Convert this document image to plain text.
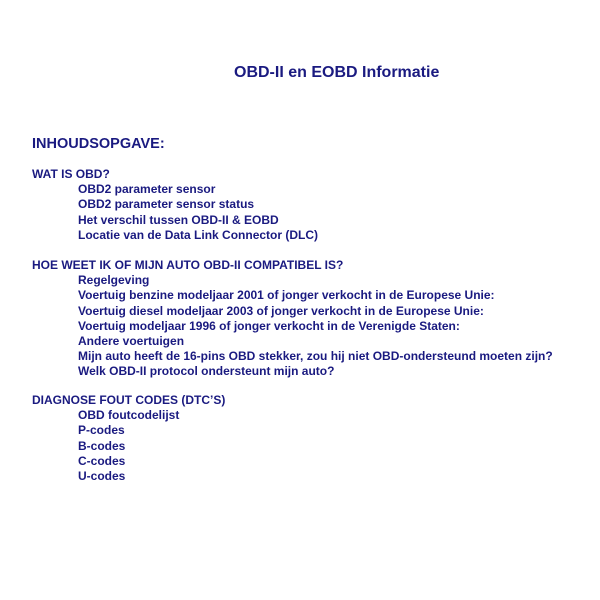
OBD-II en EOBD Informatie
INHOUDSOPGAVE:
WAT IS OBD?
OBD2 parameter sensor
OBD2 parameter sensor status
Het verschil tussen OBD-II & EOBD
Locatie van de Data Link Connector (DLC)
HOE WEET IK OF MIJN AUTO OBD-II COMPATIBEL IS?
Regelgeving
Voertuig benzine modeljaar 2001 of jonger verkocht in de Europese Unie:
Voertuig diesel modeljaar 2003 of jonger verkocht in de Europese Unie:
Voertuig modeljaar 1996 of jonger verkocht in de Verenigde Staten:
Andere voertuigen
Mijn auto heeft de 16-pins OBD stekker, zou hij niet OBD-ondersteund moeten zijn?
Welk OBD-II protocol ondersteunt mijn auto?
DIAGNOSE FOUT CODES (DTC’S)
OBD foutcodelijst
P-codes
B-codes
C-codes
U-codes
